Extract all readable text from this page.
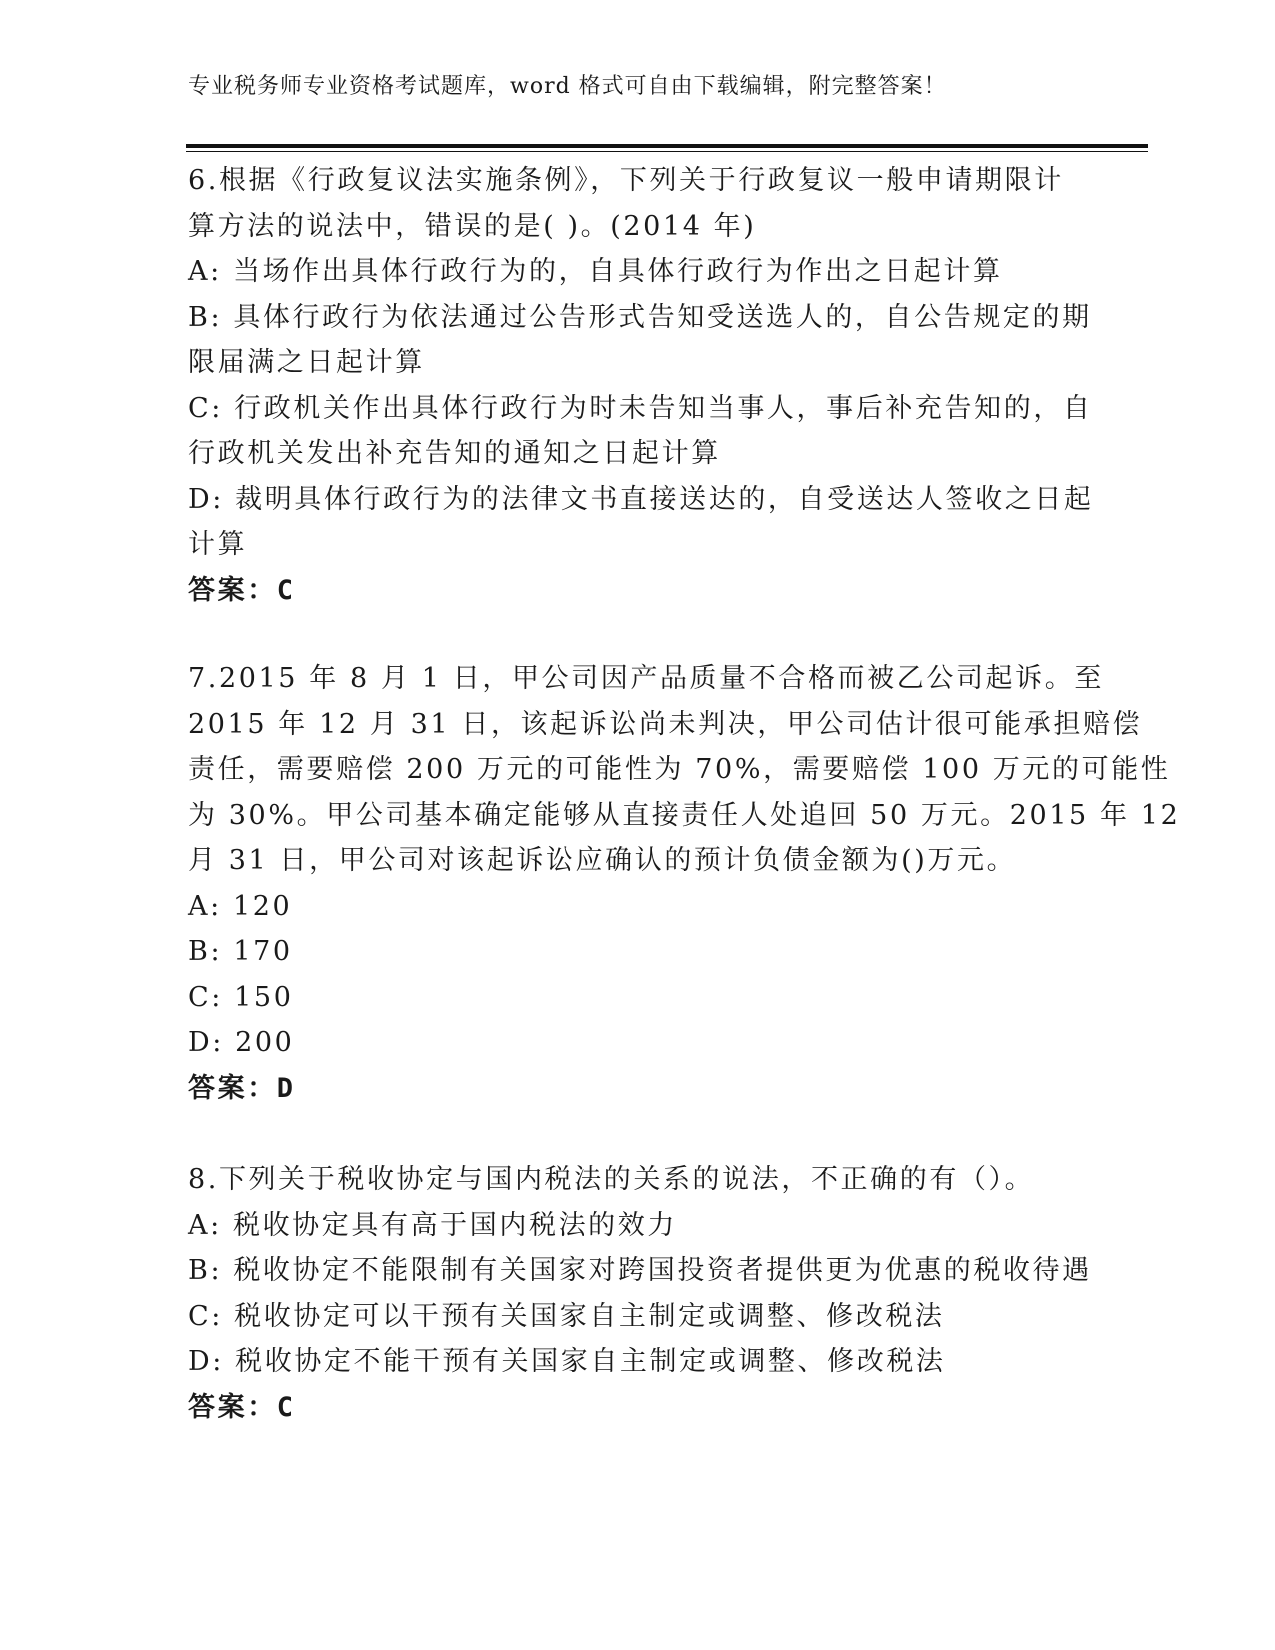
专业税务师专业资格考试题库，word 格式可自由下载编辑，附完整答案！

6.根据《行政复议法实施条例》，下列关于行政复议一般申请期限计

算方法的说法中，错误的是( )。(2014 年)

A: 当场作出具体行政行为的，自具体行政行为作出之日起计算

B: 具体行政行为依法通过公告形式告知受送选人的，自公告规定的期

限届满之日起计算

C: 行政机关作出具体行政行为时未告知当事人，事后补充告知的，自

行政机关发出补充告知的通知之日起计算

D: 裁明具体行政行为的法律文书直接送达的，自受送达人签收之日起

计算

答案：C

7.2015 年 8 月 1 日，甲公司因产品质量不合格而被乙公司起诉。至

2015 年 12 月 31 日，该起诉讼尚未判决，甲公司估计很可能承担赔偿

责任，需要赔偿 200 万元的可能性为 70%，需要赔偿 100 万元的可能性

为 30%。甲公司基本确定能够从直接责任人处追回 50 万元。2015 年 12

月 31 日，甲公司对该起诉讼应确认的预计负债金额为()万元。

A: 120

B: 170

C: 150

D: 200

答案：D

8.下列关于税收协定与国内税法的关系的说法，不正确的有（）。

A: 税收协定具有高于国内税法的效力

B: 税收协定不能限制有关国家对跨国投资者提供更为优惠的税收待遇

C: 税收协定可以干预有关国家自主制定或调整、修改税法

D: 税收协定不能干预有关国家自主制定或调整、修改税法

答案：C
